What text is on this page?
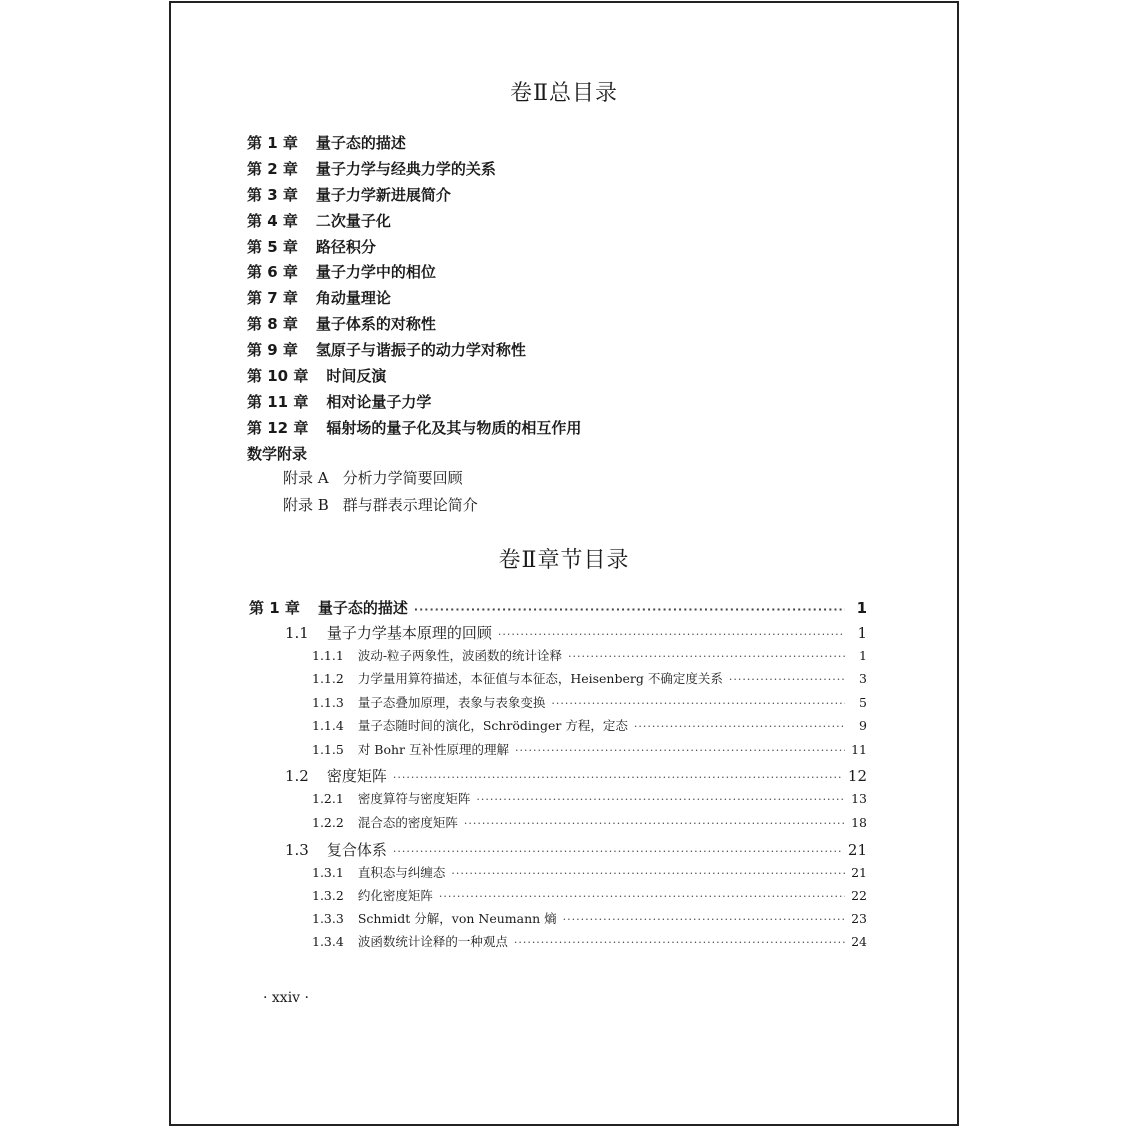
卷Ⅱ总目录
第 1 章 量子态的描述
第 2 章 量子力学与经典力学的关系
第 3 章 量子力学新进展简介
第 4 章 二次量子化
第 5 章 路径积分
第 6 章 量子力学中的相位
第 7 章 角动量理论
第 8 章 量子体系的对称性
第 9 章 氢原子与谐振子的动力学对称性
第 10 章 时间反演
第 11 章 相对论量子力学
第 12 章 辐射场的量子化及其与物质的相互作用
数学附录
附录 A 分析力学简要回顾
附录 B 群与群表示理论简介
卷Ⅱ章节目录
第 1 章 量子态的描述 ·····	1
1.1 量子力学基本原理的回顾 ·····	1
1.1.1 波动-粒子两象性，波函数的统计诠释 ·····	1
1.1.2 力学量用算符描述，本征值与本征态，Heisenberg 不确定度关系 ·····	3
1.1.3 量子态叠加原理，表象与表象变换 ·····	5
1.1.4 量子态随时间的演化，Schrödinger 方程，定态 ·····	9
1.1.5 对 Bohr 互补性原理的理解 ·····	11
1.2 密度矩阵 ·····	12
1.2.1 密度算符与密度矩阵 ·····	13
1.2.2 混合态的密度矩阵 ·····	18
1.3 复合体系 ·····	21
1.3.1 直积态与纠缠态 ·····	21
1.3.2 约化密度矩阵 ·····	22
1.3.3 Schmidt 分解，von Neumann 熵 ·····	23
1.3.4 波函数统计诠释的一种观点 ·····	24
· xxiv ·
